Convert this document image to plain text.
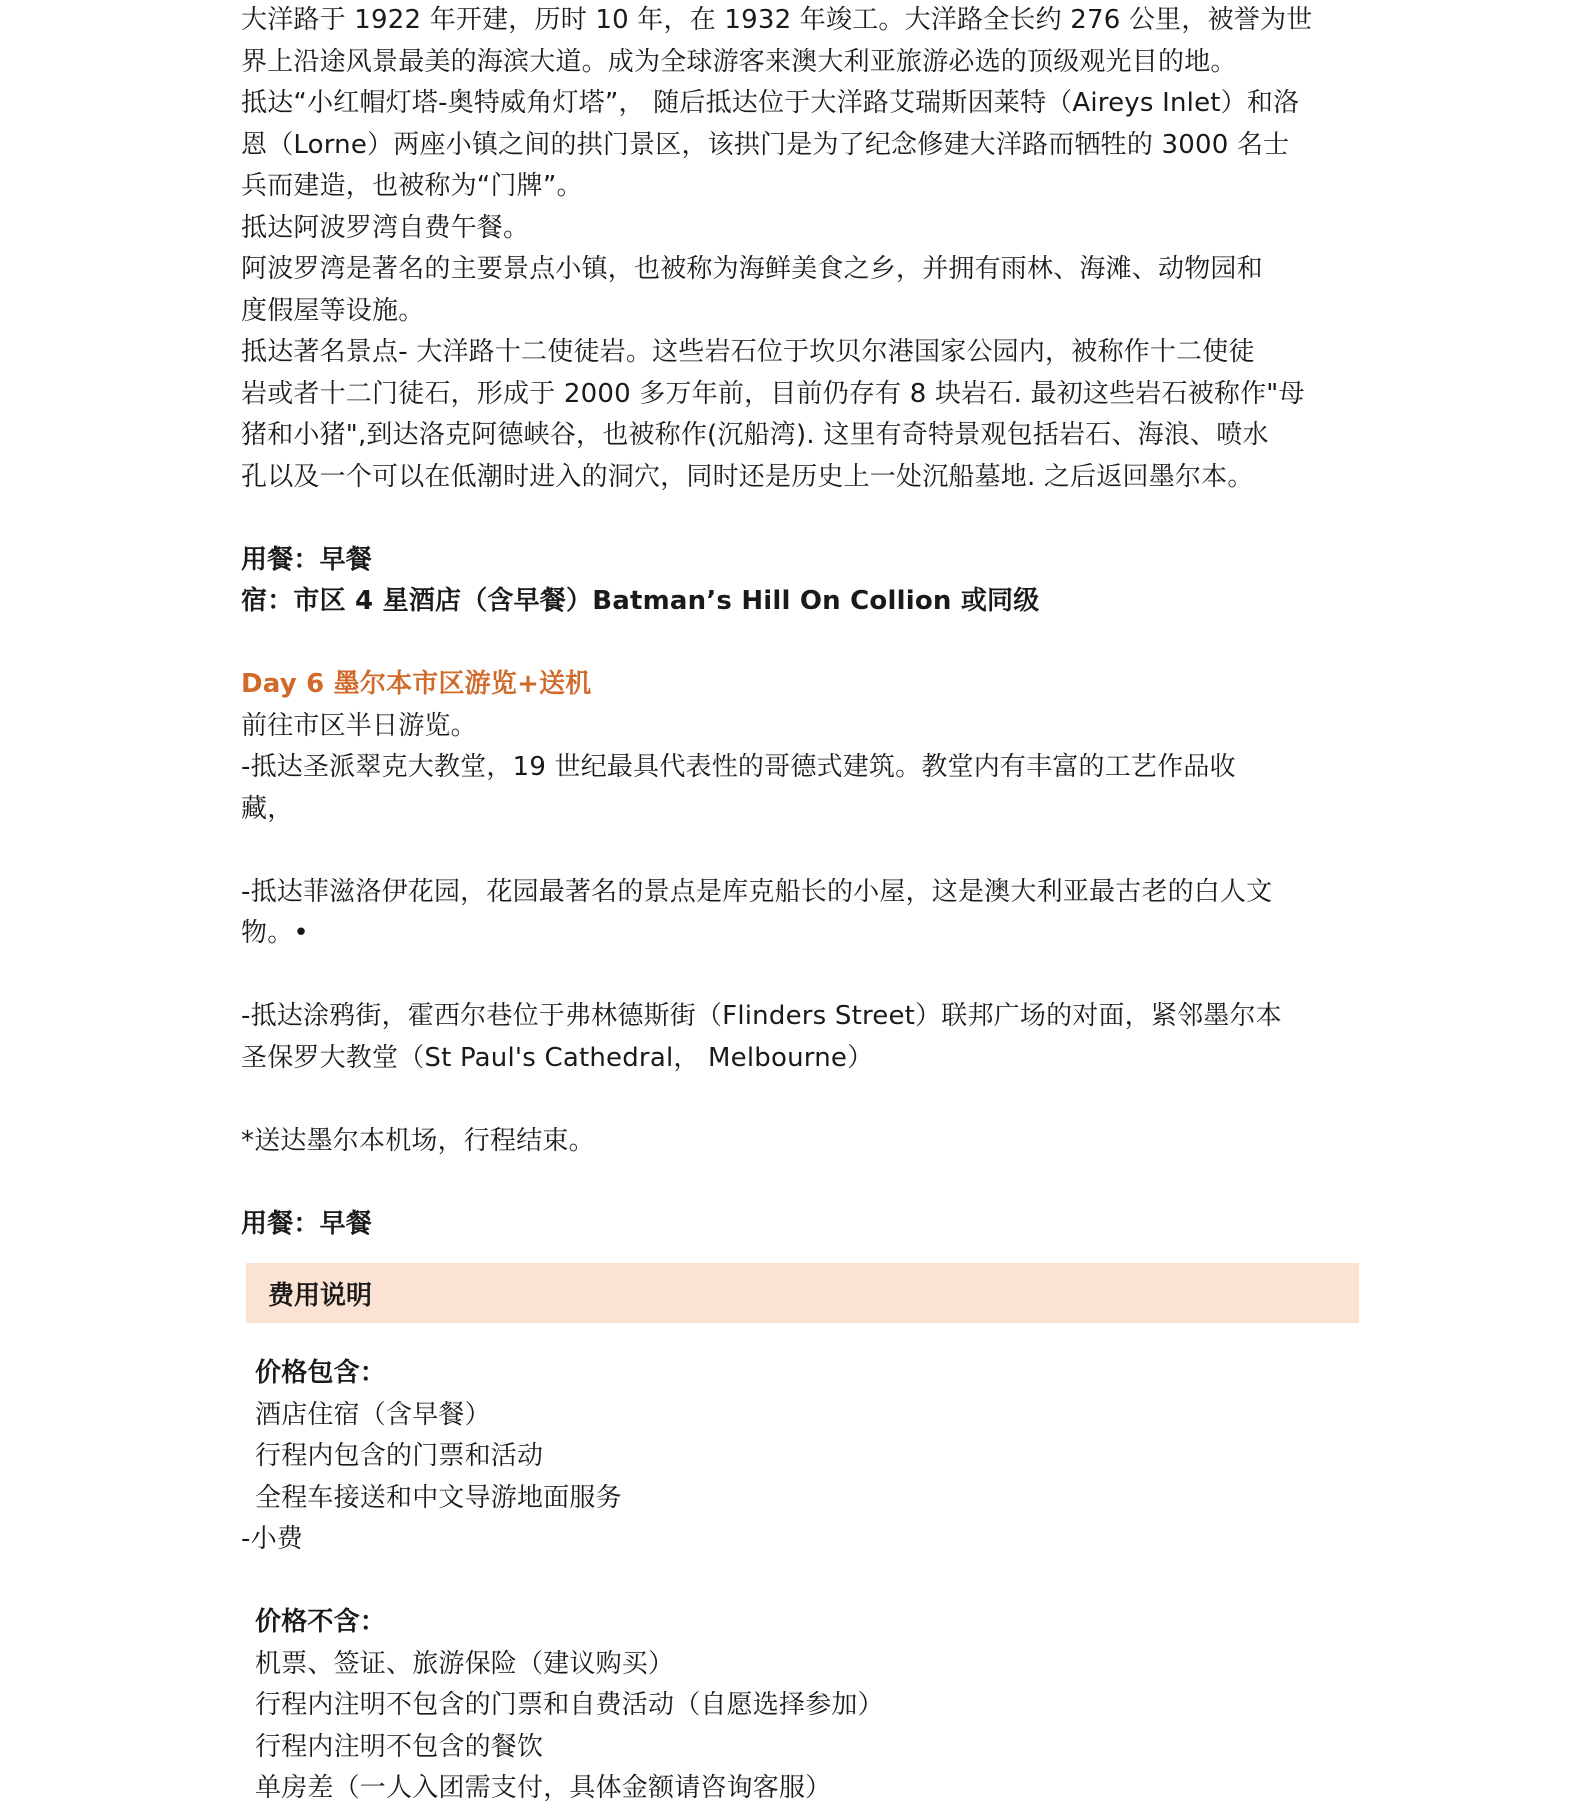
大洋路于 1922 年开建，历时 10 年，在 1932 年竣工。大洋路全长约 276 公里，被誉为世
界上沿途风景最美的海滨大道。成为全球游客来澳大利亚旅游必选的顶级观光目的地。
抵达“小红帽灯塔-奥特威角灯塔”， 随后抵达位于大洋路艾瑞斯因莱特（Aireys Inlet）和洛
恩（Lorne）两座小镇之间的拱门景区，该拱门是为了纪念修建大洋路而牺牲的 3000 名士
兵而建造，也被称为“门牌”。
抵达阿波罗湾自费午餐。
阿波罗湾是著名的主要景点小镇，也被称为海鲜美食之乡，并拥有雨林、海滩、动物园和
度假屋等设施。
抵达著名景点- 大洋路十二使徒岩。这些岩石位于坎贝尔港国家公园内，被称作十二使徒
岩或者十二门徒石，形成于 2000 多万年前，目前仍存有 8 块岩石. 最初这些岩石被称作"母
猪和小猪",到达洛克阿德峡谷，也被称作(沉船湾). 这里有奇特景观包括岩石、海浪、喷水
孔以及一个可以在低潮时进入的洞穴，同时还是历史上一处沉船墓地. 之后返回墨尔本。
用餐：早餐
宿：市区 4 星酒店（含早餐）Batman’s Hill On Collion 或同级
Day 6 墨尔本市区游览+送机
前往市区半日游览。
-抵达圣派翠克大教堂，19 世纪最具代表性的哥德式建筑。教堂内有丰富的工艺作品收
藏，
-抵达菲滋洛伊花园，花园最著名的景点是库克船长的小屋，这是澳大利亚最古老的白人文
物。•
-抵达涂鸦街，霍西尔巷位于弗林德斯街（Flinders Street）联邦广场的对面，紧邻墨尔本
圣保罗大教堂（St Paul's Cathedral， Melbourne）
*送达墨尔本机场，行程结束。
用餐：早餐
费用说明
价格包含：
酒店住宿（含早餐）
行程内包含的门票和活动
全程车接送和中文导游地面服务
-小费
价格不含：
机票、签证、旅游保险（建议购买）
行程内注明不包含的门票和自费活动（自愿选择参加）
行程内注明不包含的餐饮
单房差（一人入团需支付，具体金额请咨询客服）
